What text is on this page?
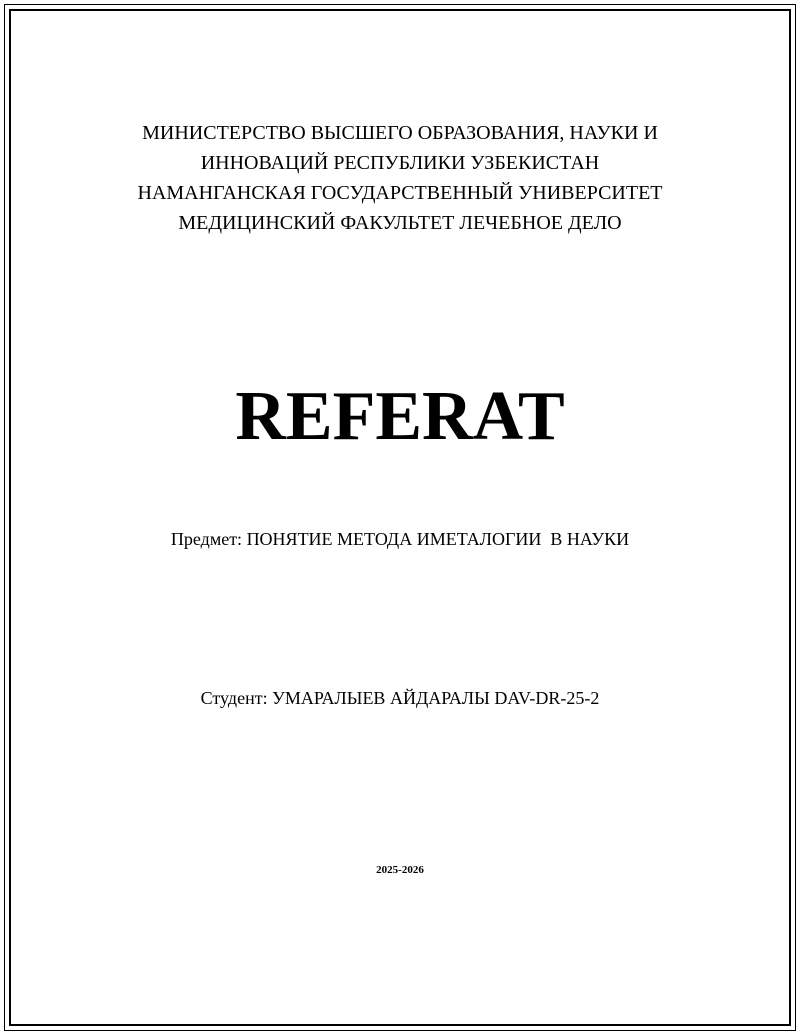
МИНИСТЕРСТВО ВЫСШЕГО ОБРАЗОВАНИЯ, НАУКИ И
ИННОВАЦИЙ РЕСПУБЛИКИ УЗБЕКИСТАН
НАМАНГАНСКАЯ ГОСУДАРСТВЕННЫЙ УНИВЕРСИТЕТ
МЕДИЦИНСКИЙ ФАКУЛЬТЕТ ЛЕЧЕБНОЕ ДЕЛО
REFERAT
Предмет: ПОНЯТИЕ МЕТОДА ИМЕТАЛОГИИ  В НАУКИ
Студент: УМАРАЛЫЕВ АЙДАРАЛЫ DAV-DR-25-2
2025-2026
